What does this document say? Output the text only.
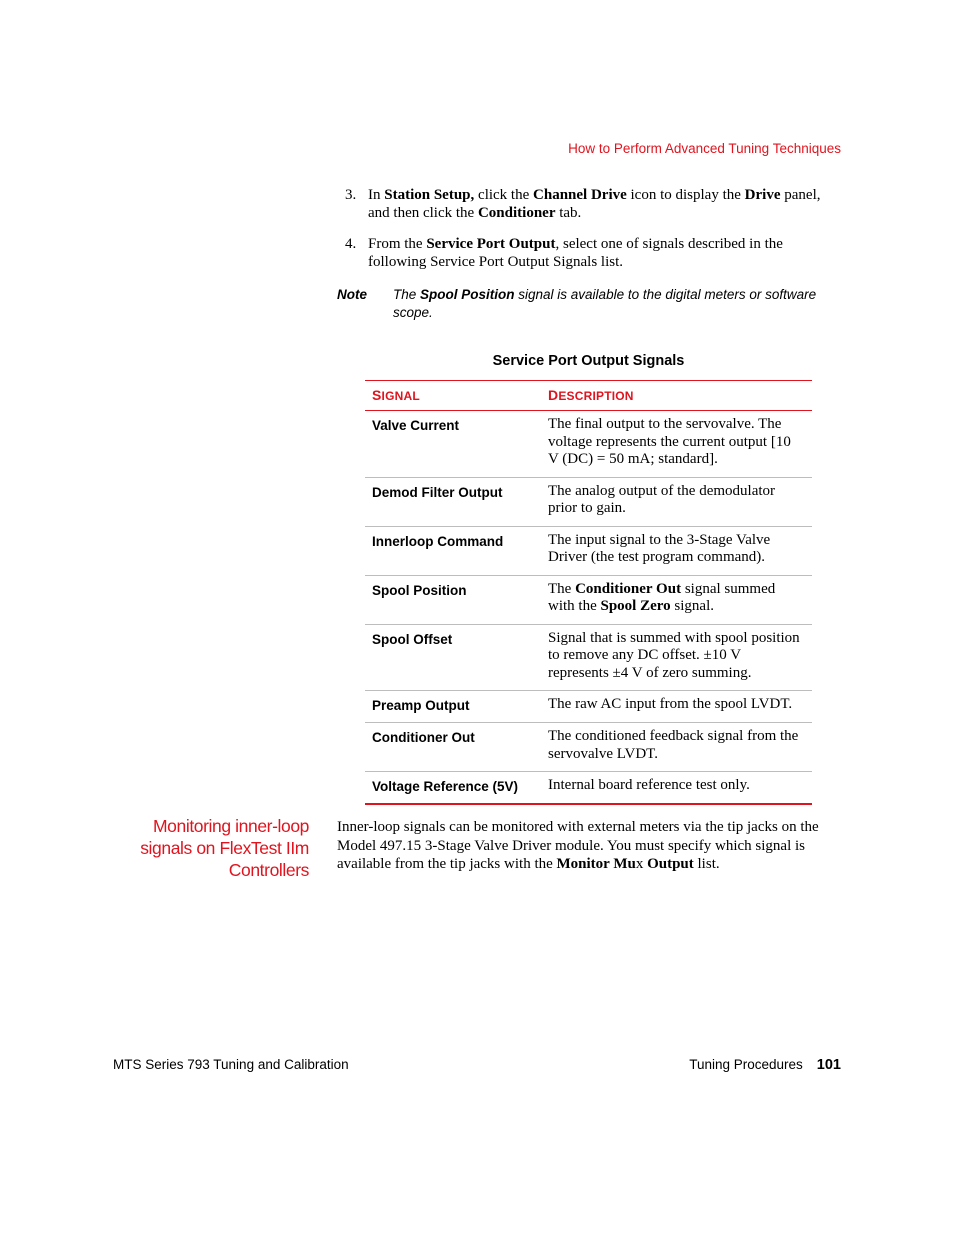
How to Perform Advanced Tuning Techniques
3. In Station Setup, click the Channel Drive icon to display the Drive panel, and then click the Conditioner tab.
4. From the Service Port Output, select one of signals described in the following Service Port Output Signals list.
Note The Spool Position signal is available to the digital meters or software scope.
Service Port Output Signals
SIGNAL	DESCRIPTION
Valve Current	The final output to the servovalve. The voltage represents the current output [10 V (DC) = 50 mA; standard].
Demod Filter Output	The analog output of the demodulator prior to gain.
Innerloop Command	The input signal to the 3-Stage Valve Driver (the test program command).
Spool Position	The Conditioner Out signal summed with the Spool Zero signal.
Spool Offset	Signal that is summed with spool position to remove any DC offset. ±10 V represents ±4 V of zero summing.
Preamp Output	The raw AC input from the spool LVDT.
Conditioner Out	The conditioned feedback signal from the servovalve LVDT.
Voltage Reference (5V)	Internal board reference test only.
Monitoring inner-loop
signals on FlexTest IIm
Controllers
Inner-loop signals can be monitored with external meters via the tip jacks on the Model 497.15 3-Stage Valve Driver module. You must specify which signal is available from the tip jacks with the Monitor Mux Output list.
MTS Series 793 Tuning and Calibration	Tuning Procedures 101
